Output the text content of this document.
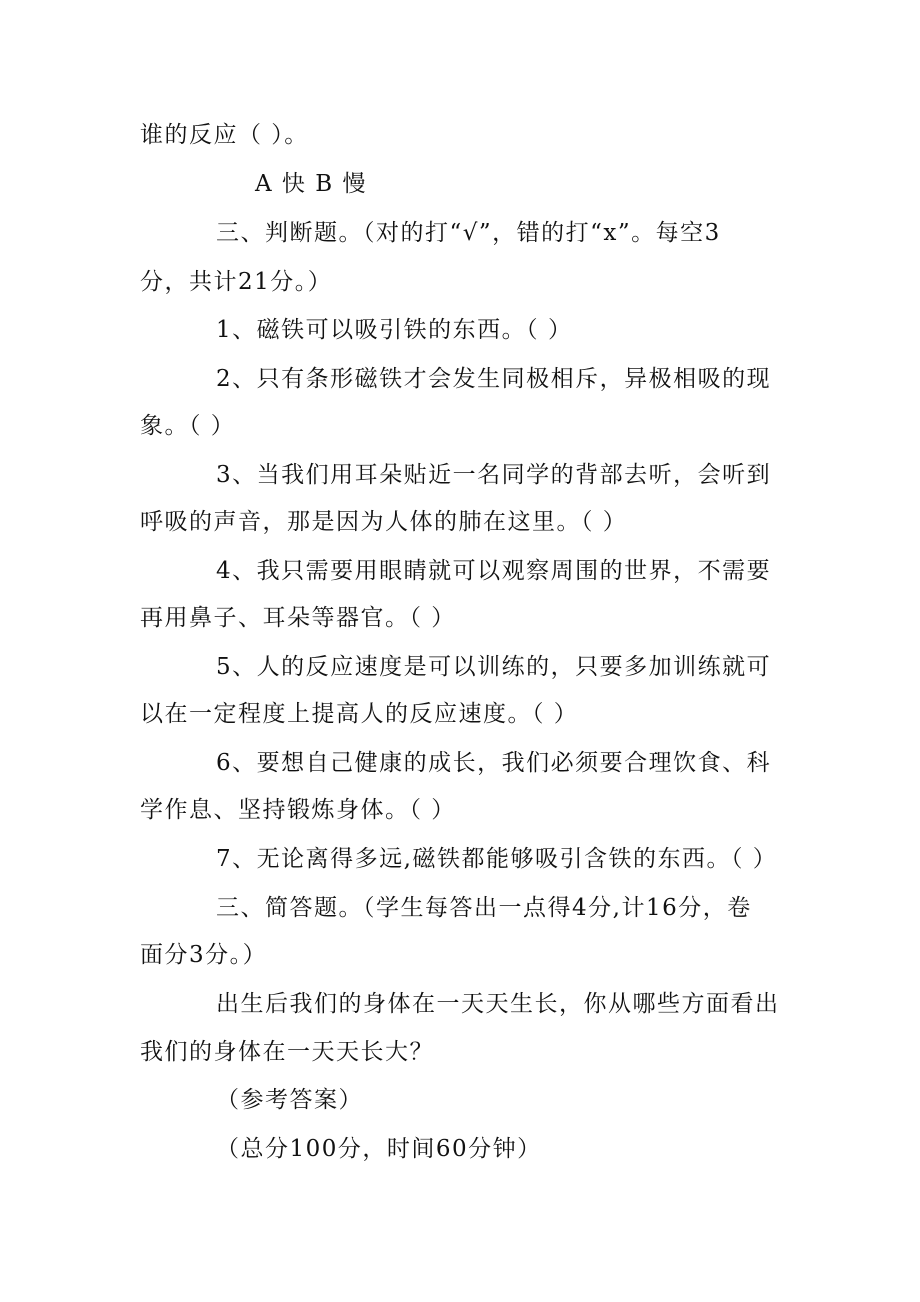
谁的反应（ ）。
A 快 B 慢
三、判断题。（对的打“√”，错的打“x”。每空3
分，共计21分。）
1、磁铁可以吸引铁的东西。（ ）
2、只有条形磁铁才会发生同极相斥，异极相吸的现
象。（ ）
3、当我们用耳朵贴近一名同学的背部去听，会听到
呼吸的声音，那是因为人体的肺在这里。（ ）
4、我只需要用眼睛就可以观察周围的世界，不需要
再用鼻子、耳朵等器官。（ ）
5、人的反应速度是可以训练的，只要多加训练就可
以在一定程度上提高人的反应速度。（ ）
6、要想自己健康的成长，我们必须要合理饮食、科
学作息、坚持锻炼身体。（ ）
7、无论离得多远,磁铁都能够吸引含铁的东西。（ ）
三、简答题。（学生每答出一点得4分,计16分，卷
面分3分。）
出生后我们的身体在一天天生长，你从哪些方面看出
我们的身体在一天天长大？
（参考答案）
（总分100分，时间60分钟）
